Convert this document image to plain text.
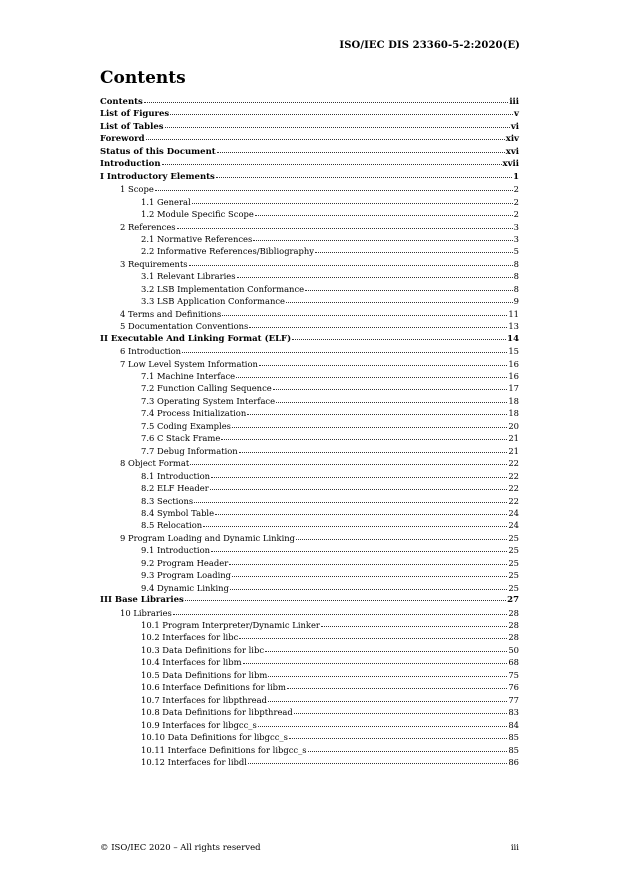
ISO/IEC DIS 23360-5-2:2020(E)
Contents
Contents	iii
List of Figures	v
List of Tables	vi
Foreword	xiv
Status of this Document	xvi
Introduction	xvii
I Introductory Elements	1
1 Scope	2
1.1 General	2
1.2 Module Specific Scope	2
2 References	3
2.1 Normative References	3
2.2 Informative References/Bibliography	5
3 Requirements	8
3.1 Relevant Libraries	8
3.2 LSB Implementation Conformance	8
3.3 LSB Application Conformance	9
4 Terms and Definitions	11
5 Documentation Conventions	13
II Executable And Linking Format (ELF)	14
6 Introduction	15
7 Low Level System Information	16
7.1 Machine Interface	16
7.2 Function Calling Sequence	17
7.3 Operating System Interface	18
7.4 Process Initialization	18
7.5 Coding Examples	20
7.6 C Stack Frame	21
7.7 Debug Information	21
8 Object Format	22
8.1 Introduction	22
8.2 ELF Header	22
8.3 Sections	22
8.4 Symbol Table	24
8.5 Relocation	24
9 Program Loading and Dynamic Linking	25
9.1 Introduction	25
9.2 Program Header	25
9.3 Program Loading	25
9.4 Dynamic Linking	25
III Base Libraries	27
10 Libraries	28
10.1 Program Interpreter/Dynamic Linker	28
10.2 Interfaces for libc	28
10.3 Data Definitions for libc	50
10.4 Interfaces for libm	68
10.5 Data Definitions for libm	75
10.6 Interface Definitions for libm	76
10.7 Interfaces for libpthread	77
10.8 Data Definitions for libpthread	83
10.9 Interfaces for libgcc_s	84
10.10 Data Definitions for libgcc_s	85
10.11 Interface Definitions for libgcc_s	85
10.12 Interfaces for libdl	86
© ISO/IEC 2020 – All rights reserved	iii
